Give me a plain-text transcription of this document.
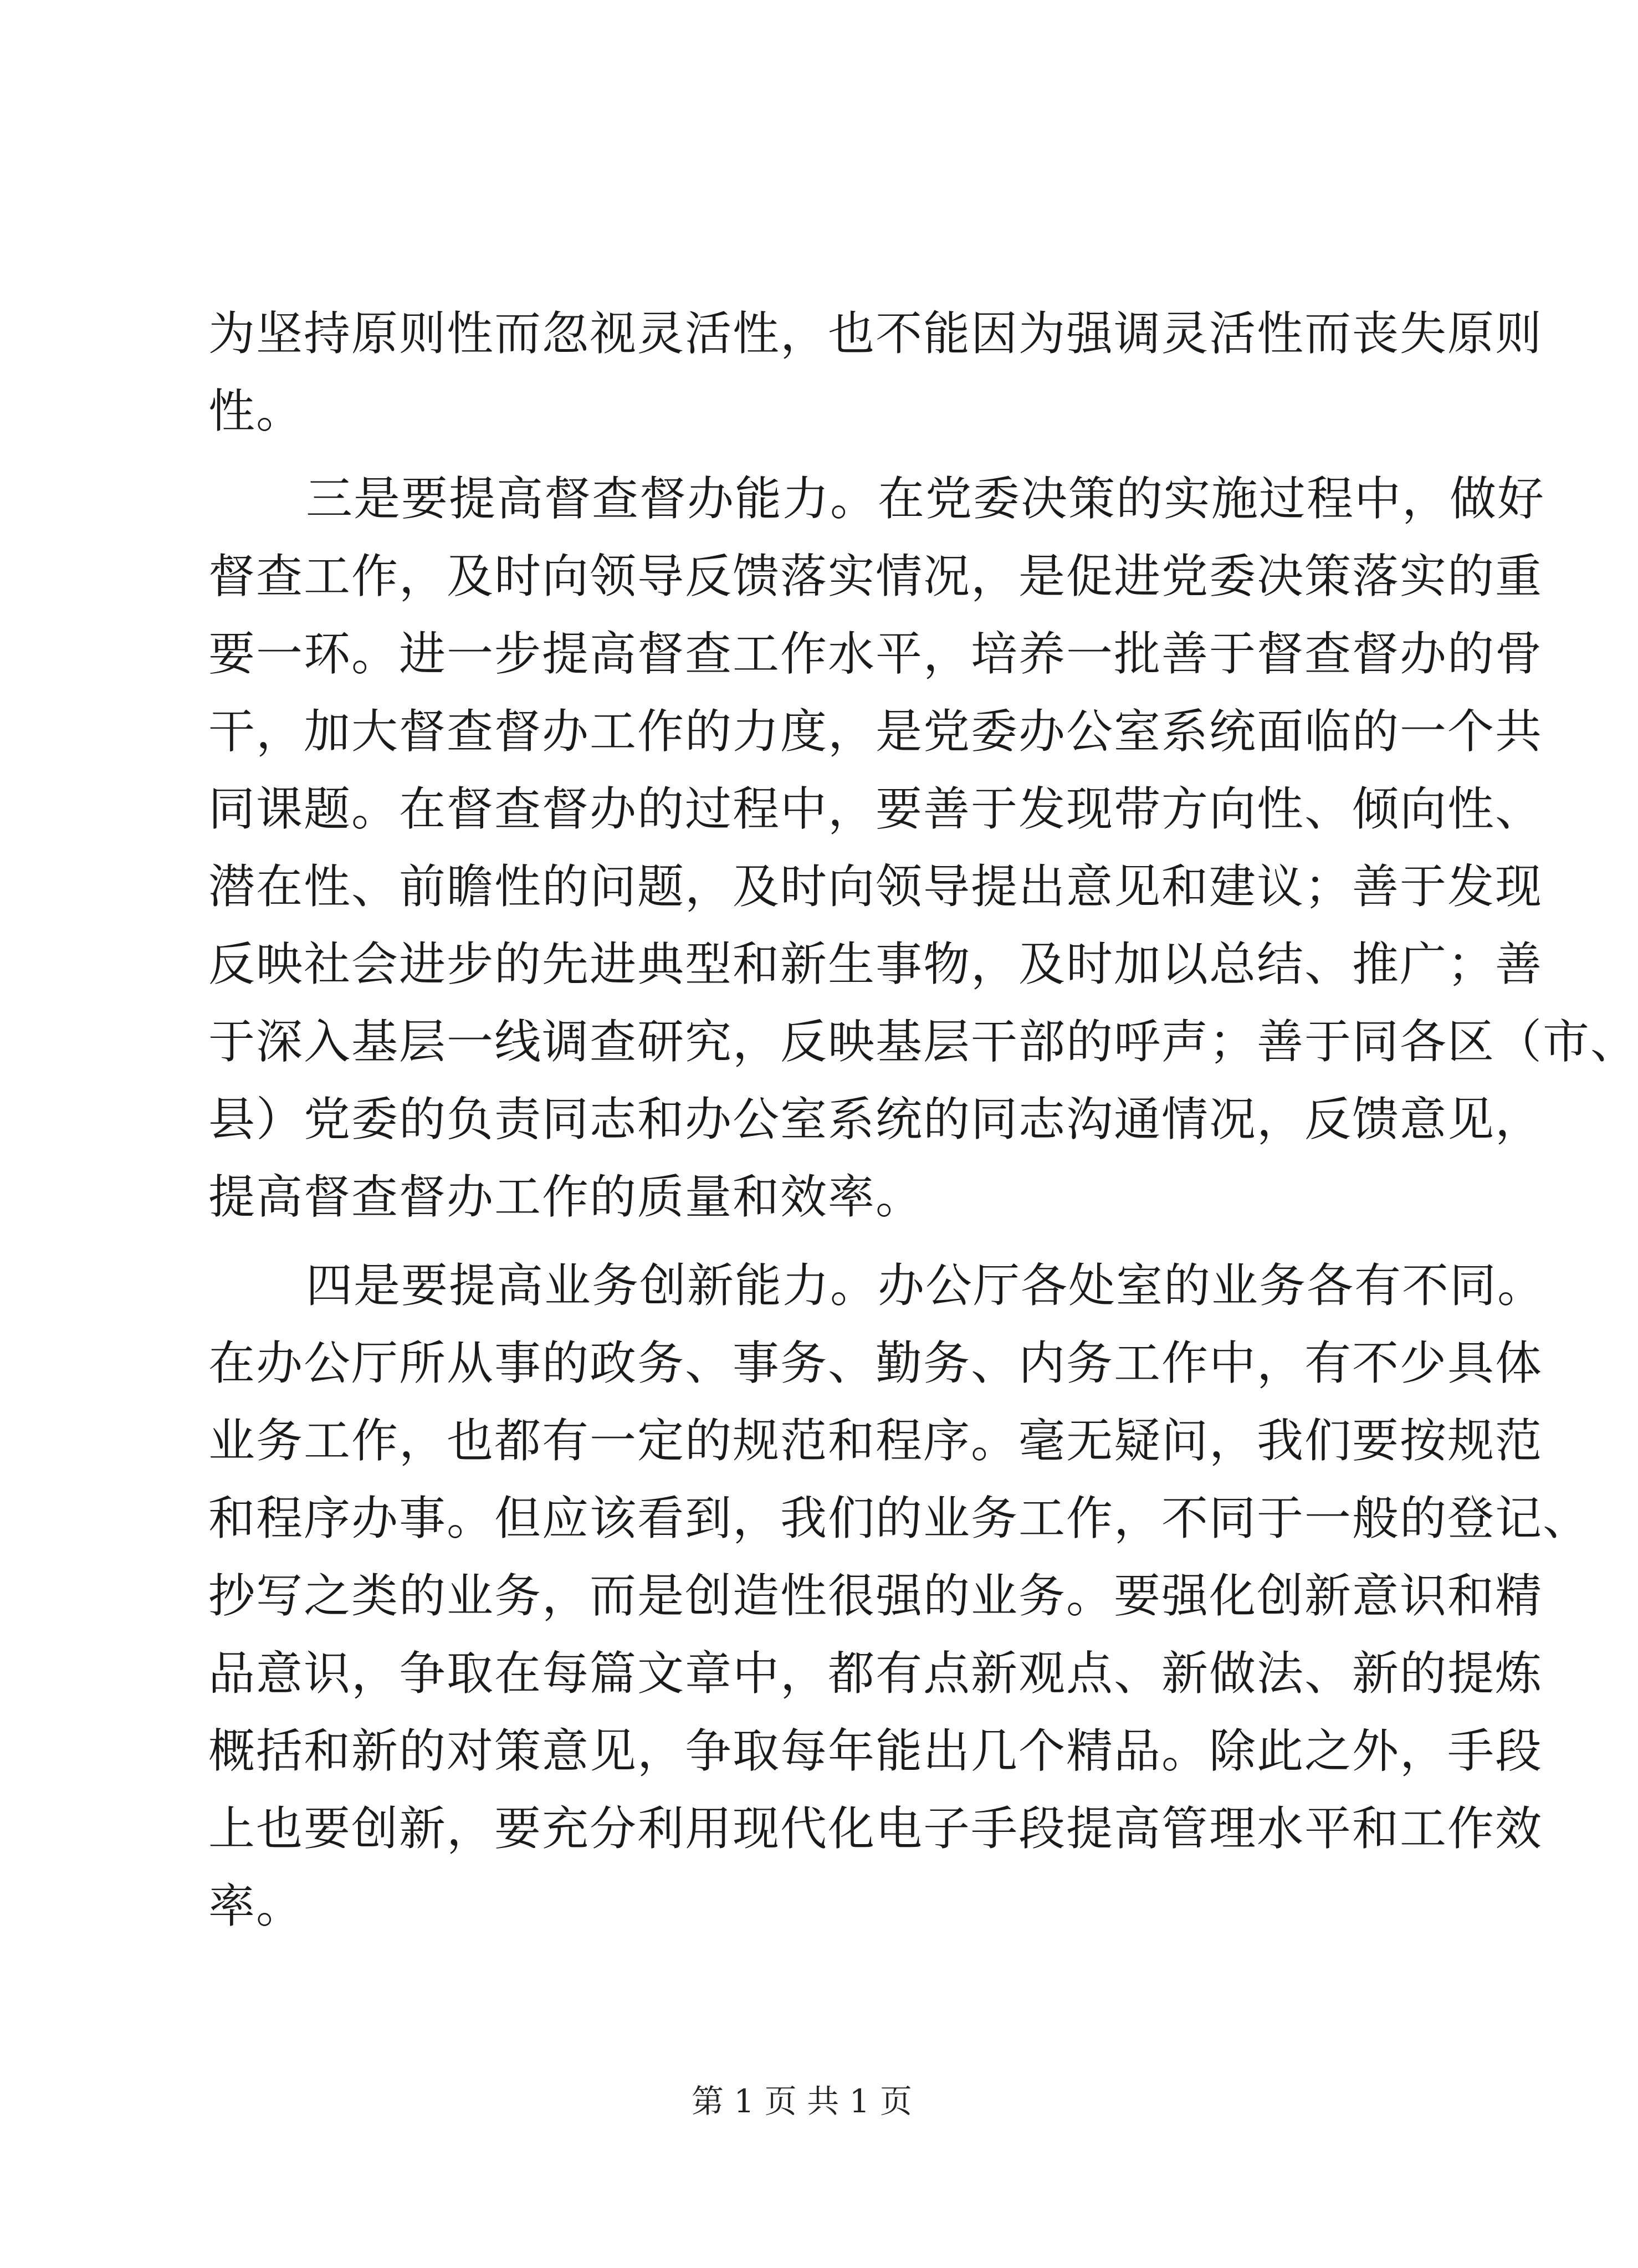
为坚持原则性而忽视灵活性，也不能因为强调灵活性而丧失原则
性。
三是要提高督查督办能力。在党委决策的实施过程中，做好
督查工作，及时向领导反馈落实情况，是促进党委决策落实的重
要一环。进一步提高督查工作水平，培养一批善于督查督办的骨
干，加大督查督办工作的力度，是党委办公室系统面临的一个共
同课题。在督查督办的过程中，要善于发现带方向性、倾向性、
潜在性、前瞻性的问题，及时向领导提出意见和建议；善于发现
反映社会进步的先进典型和新生事物，及时加以总结、推广；善
于深入基层一线调查研究，反映基层干部的呼声；善于同各区（市、
县）党委的负责同志和办公室系统的同志沟通情况，反馈意见，
提高督查督办工作的质量和效率。
四是要提高业务创新能力。办公厅各处室的业务各有不同。
在办公厅所从事的政务、事务、勤务、内务工作中，有不少具体
业务工作，也都有一定的规范和程序。毫无疑问，我们要按规范
和程序办事。但应该看到，我们的业务工作，不同于一般的登记、
抄写之类的业务，而是创造性很强的业务。要强化创新意识和精
品意识，争取在每篇文章中，都有点新观点、新做法、新的提炼
概括和新的对策意见，争取每年能出几个精品。除此之外，手段
上也要创新，要充分利用现代化电子手段提高管理水平和工作效
率。
第 1 页 共 1 页
